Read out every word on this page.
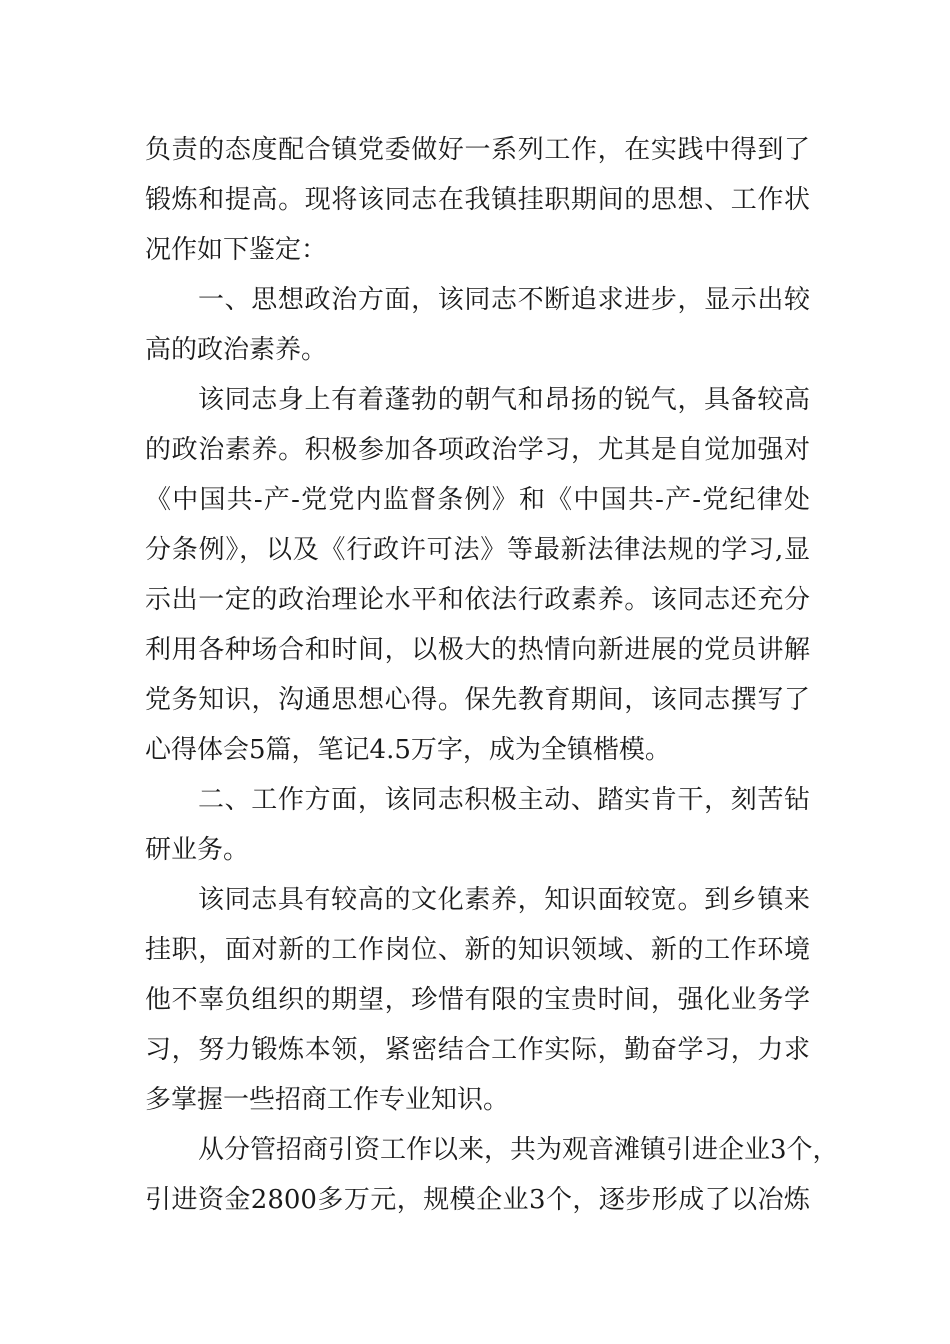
负责的态度配合镇党委做好一系列工作，在实践中得到了
锻炼和提高。现将该同志在我镇挂职期间的思想、工作状
况作如下鉴定：
一、思想政治方面，该同志不断追求进步，显示出较
高的政治素养。
该同志身上有着蓬勃的朝气和昂扬的锐气，具备较高
的政治素养。积极参加各项政治学习，尤其是自觉加强对
《中国共-产-党党内监督条例》和《中国共-产-党纪律处
分条例》，以及《行政许可法》等最新法律法规的学习,显
示出一定的政治理论水平和依法行政素养。该同志还充分
利用各种场合和时间，以极大的热情向新进展的党员讲解
党务知识，沟通思想心得。保先教育期间，该同志撰写了
心得体会5篇，笔记4.5万字，成为全镇楷模。
二、工作方面，该同志积极主动、踏实肯干，刻苦钻
研业务。
该同志具有较高的文化素养，知识面较宽。到乡镇来
挂职，面对新的工作岗位、新的知识领域、新的工作环境
他不辜负组织的期望，珍惜有限的宝贵时间，强化业务学
习，努力锻炼本领，紧密结合工作实际，勤奋学习，力求
多掌握一些招商工作专业知识。
从分管招商引资工作以来，共为观音滩镇引进企业3个，
引进资金2800多万元，规模企业3个，逐步形成了以冶炼
